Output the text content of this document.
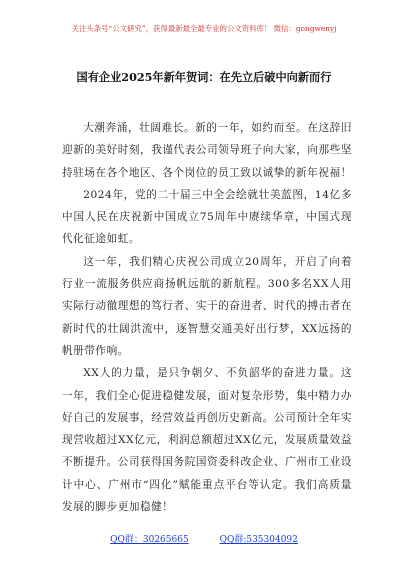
关注头条号“公文研究”，获得最新最全最专业的公文资料库！ 微信：gongwenyj
国有企业2025年新年贺词：在先立后破中向新而行

大潮奔涌，壮阔难长。新的一年，如约而至。在这辞旧迎新的美好时刻，我谨代表公司领导班子向大家，向那些坚持驻场在各个地区、各个岗位的员工致以诚挚的新年祝福！

2024年，党的二十届三中全会绘就壮美蓝图，14亿多中国人民在庆祝新中国成立75周年中赓续华章，中国式现代化征途如虹。

这一年，我们精心庆祝公司成立20周年，开启了向着行业一流服务供应商扬帆远航的新航程。300多名XX人用实际行动徹理想的笃行者、实干的奋进者、时代的搏击者在新时代的壮阔洪流中，逐智慧交通美好出行梦，XX远扬的帆册带作响。

XX人的力量，是只争朝夕、不负韶华的奋进力量。这一年，我们全心促进稳健发展，面对复杂形势，集中精力办好自己的发展事，经营效益再创历史新高。公司预计全年实现营收超过XX亿元，利润总额超过XX亿元，发展质量效益不断提升。公司获得国务院国资委科改企业、广州市工业设计中心、广州市“四化”赋能重点平台等认定。我们高质量发展的脚步更加稳健！

QQ群：30265665	QQ群:535304092
